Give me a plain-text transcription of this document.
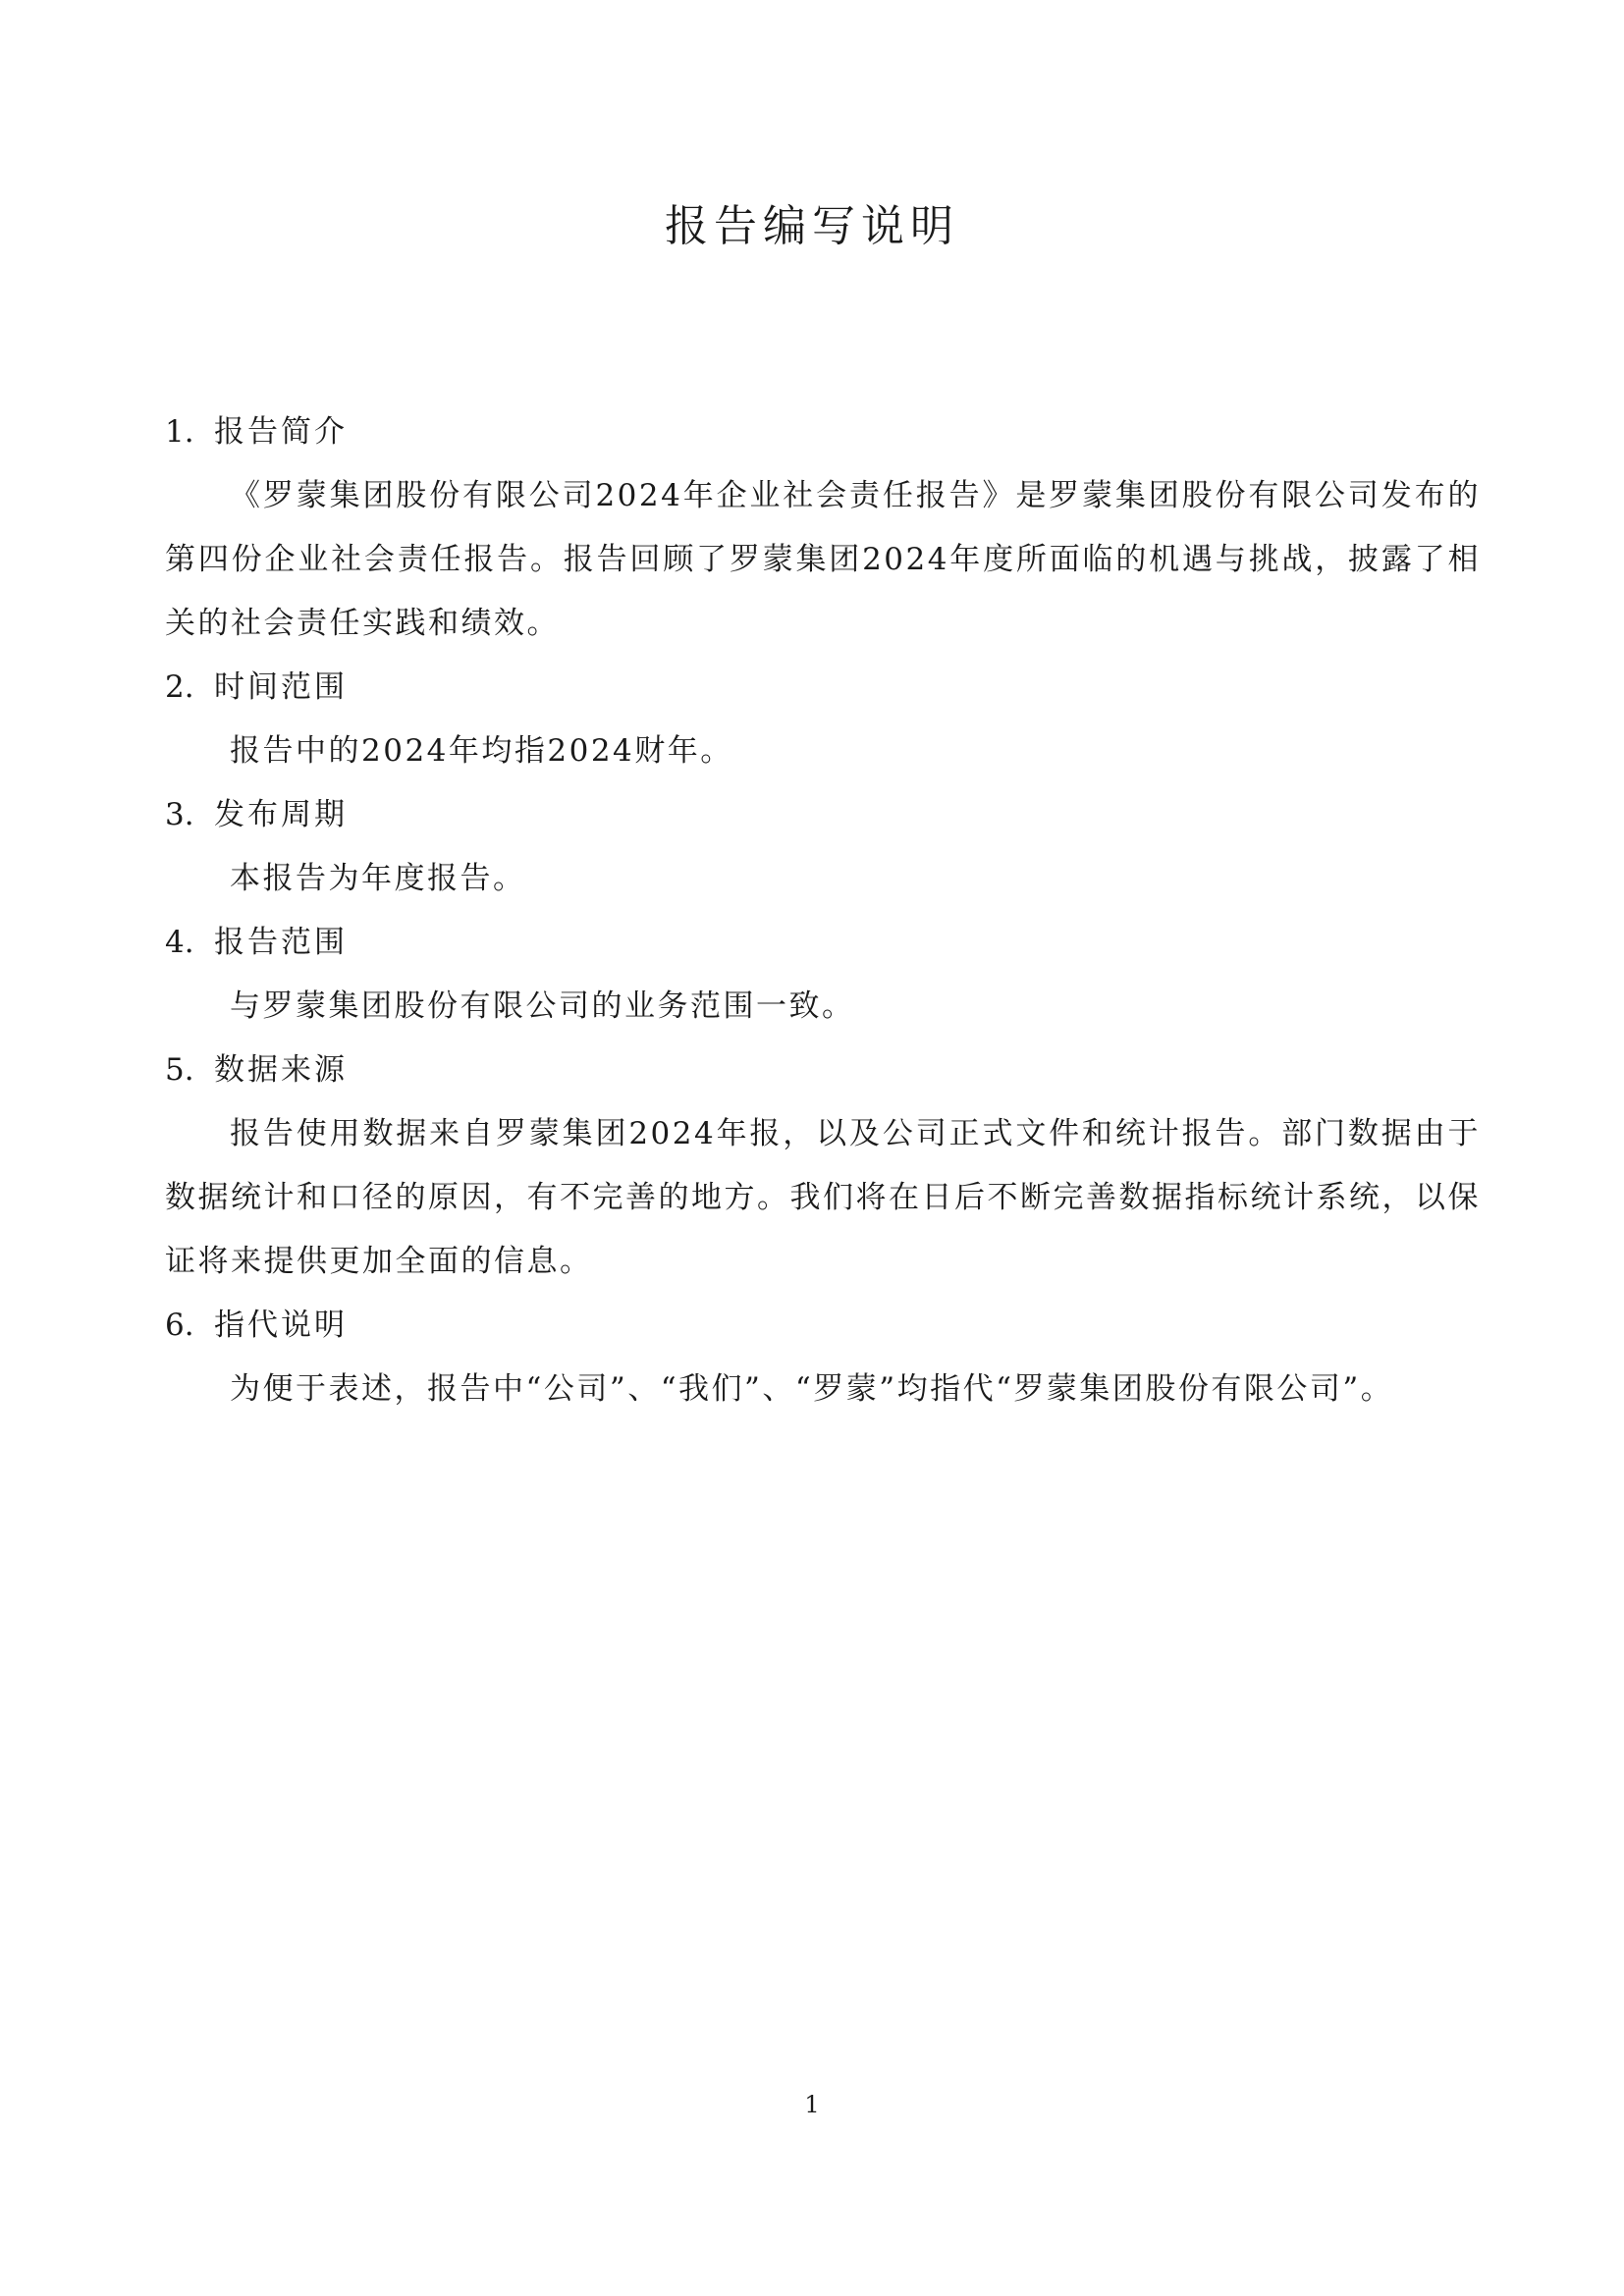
报告编写说明
1. 报告简介
《罗蒙集团股份有限公司2024年企业社会责任报告》是罗蒙集团股份有限公司发布的第四份企业社会责任报告。报告回顾了罗蒙集团2024年度所面临的机遇与挑战，披露了相关的社会责任实践和绩效。
2. 时间范围
报告中的2024年均指2024财年。
3. 发布周期
本报告为年度报告。
4. 报告范围
与罗蒙集团股份有限公司的业务范围一致。
5. 数据来源
报告使用数据来自罗蒙集团2024年报，以及公司正式文件和统计报告。部门数据由于数据统计和口径的原因，有不完善的地方。我们将在日后不断完善数据指标统计系统，以保证将来提供更加全面的信息。
6. 指代说明
为便于表述，报告中“公司”、“我们”、“罗蒙”均指代“罗蒙集团股份有限公司”。
1
